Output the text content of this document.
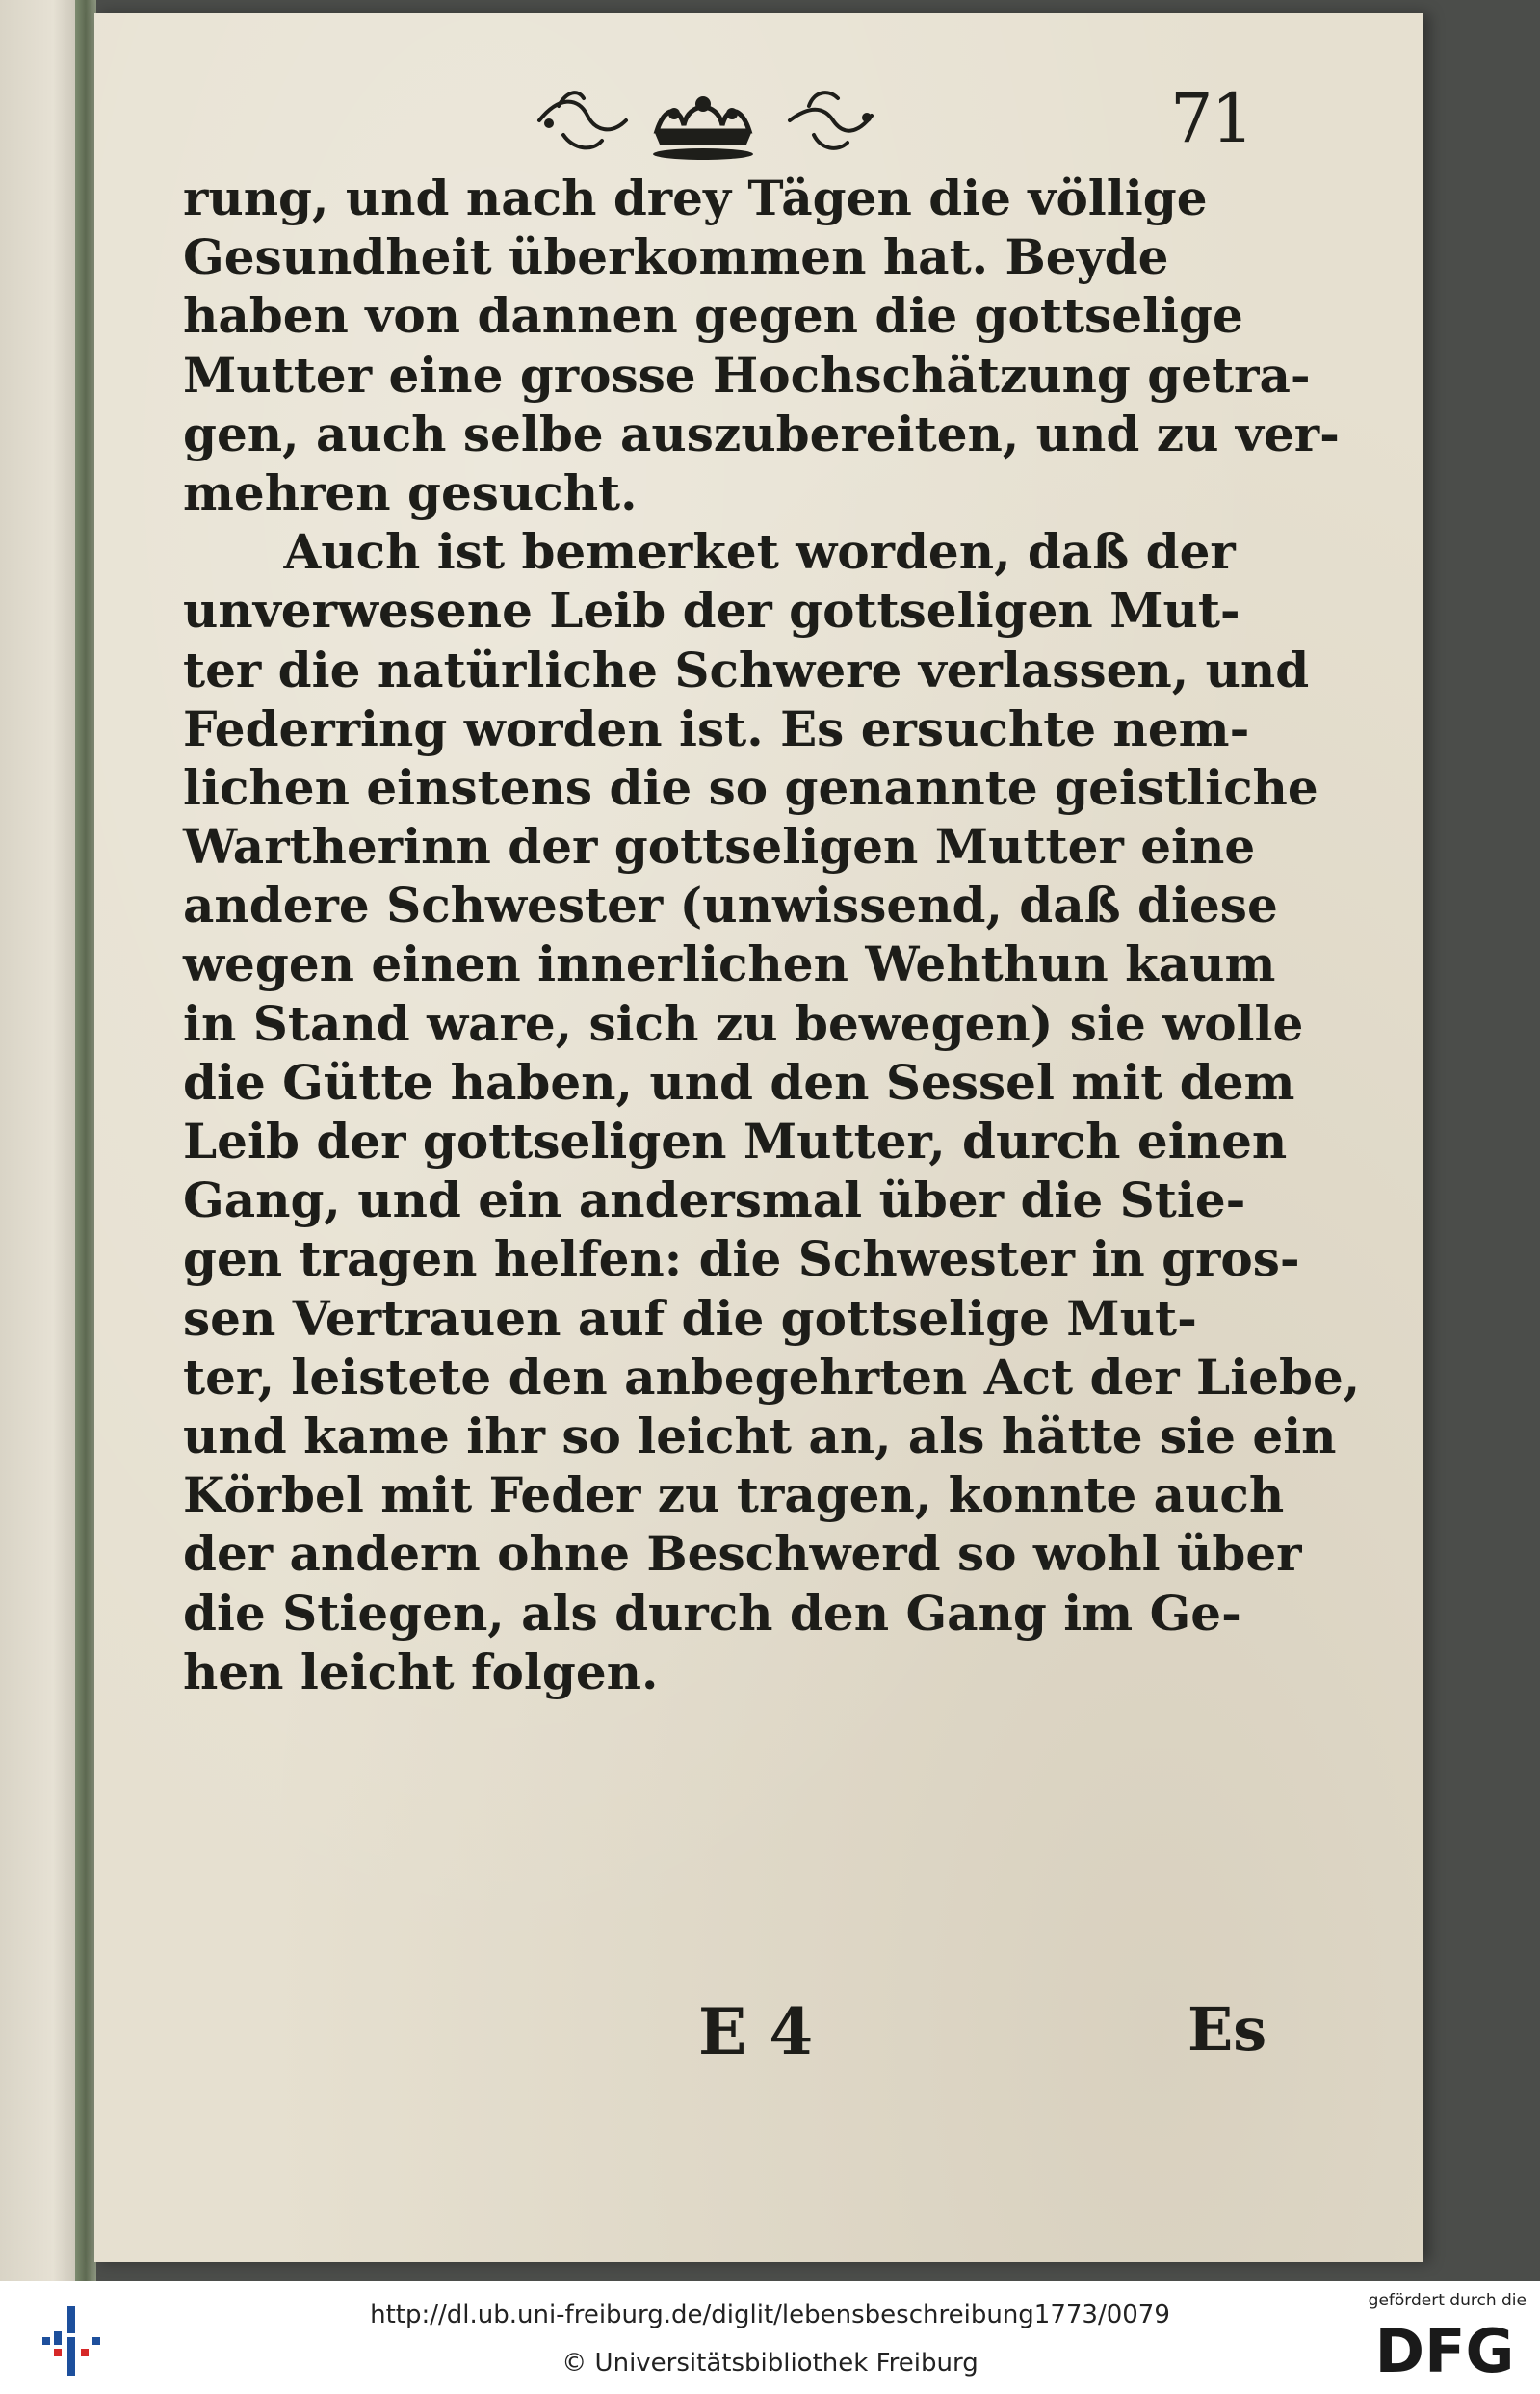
71
rung, und nach drey Tägen die völlige
Gesundheit überkommen hat. Beyde
haben von dannen gegen die gottselige
Mutter eine grosse Hochschätzung getra-
gen, auch selbe auszubereiten, und zu ver-
mehren gesucht.
Auch ist bemerket worden, daß der
unverwesene Leib der gottseligen Mut-
ter die natürliche Schwere verlassen, und
Federring worden ist. Es ersuchte nem-
lichen einstens die so genannte geistliche
Wartherinn der gottseligen Mutter eine
andere Schwester (unwissend, daß diese
wegen einen innerlichen Wehthun kaum
in Stand ware, sich zu bewegen) sie wolle
die Gütte haben, und den Sessel mit dem
Leib der gottseligen Mutter, durch einen
Gang, und ein andersmal über die Stie-
gen tragen helfen: die Schwester in gros-
sen Vertrauen auf die gottselige Mut-
ter, leistete den anbegehrten Act der Liebe,
und kame ihr so leicht an, als hätte sie ein
Körbel mit Feder zu tragen, konnte auch
der andern ohne Beschwerd so wohl über
die Stiegen, als durch den Gang im Ge-
hen leicht folgen.
E 4	Es
http://dl.ub.uni-freiburg.de/diglit/lebensbeschreibung1773/0079
© Universitätsbibliothek Freiburg
gefördert durch die
DFG
